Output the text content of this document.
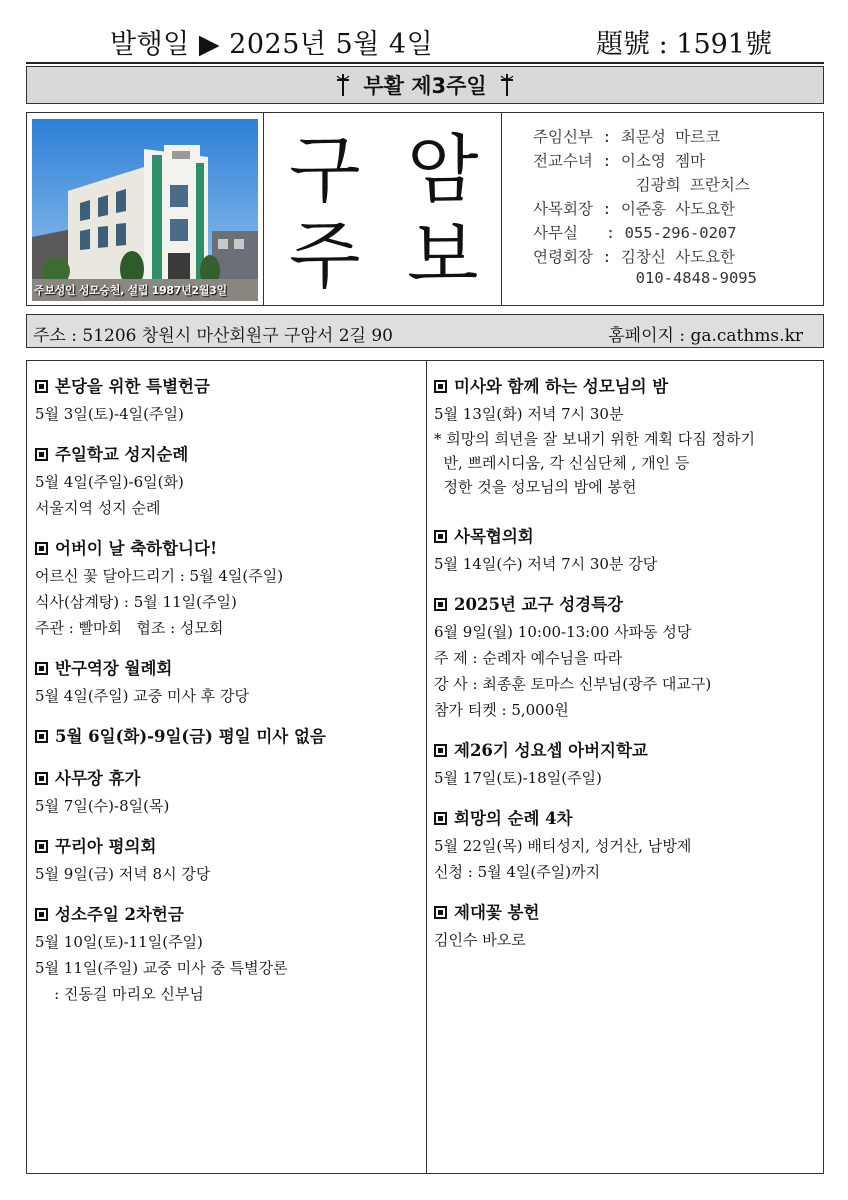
발행일 ▶ 2025년 5월 4일	題號 : 1591號
부활 제3주일
주보성인 성모승천, 설립 1987년2월3일
구 암
주 보
주임신부 : 최문성 마르코
전교수녀 : 이소영 젬마
김광희 프란치스
사목회장 : 이준홍 사도요한
사무실   : 055-296-0207
연령회장 : 김창신 사도요한
010-4848-9095
주소 : 51206 창원시 마산회원구 구암서 2길 90	홈페이지 : ga.cathms.kr
본당을 위한 특별헌금
5월 3일(토)-4일(주일)
주일학교 성지순례
5월 4일(주일)-6일(화)
서울지역 성지 순례
어버이 날 축하합니다!
어르신 꽃 달아드리기 : 5월 4일(주일)
식사(삼계탕) : 5월 11일(주일)
주관 : 빨마회   협조 : 성모회
반구역장 월례회
5월 4일(주일) 교중 미사 후 강당
5월 6일(화)-9일(금) 평일 미사 없음
사무장 휴가
5월 7일(수)-8일(목)
꾸리아 평의회
5월 9일(금) 저녁 8시 강당
성소주일 2차헌금
5월 10일(토)-11일(주일)
5월 11일(주일) 교중 미사 중 특별강론
: 진동길 마리오 신부님
미사와 함께 하는 성모님의 밤
5월 13일(화) 저녁 7시 30분
* 희망의 희년을 잘 보내기 위한 계획 다짐 정하기
반, 쁘레시디움, 각 신심단체 , 개인 등
정한 것을 성모님의 밤에 봉헌
사목협의회
5월 14일(수) 저녁 7시 30분 강당
2025년 교구 성경특강
6월 9일(월) 10:00-13:00 사파동 성당
주 제 : 순례자 예수님을 따라
강 사 : 최종훈 토마스 신부님(광주 대교구)
참가 티켓 : 5,000원
제26기 성요셉 아버지학교
5월 17일(토)-18일(주일)
희망의 순례 4차
5월 22일(목) 배티성지, 성거산, 남방제
신청 : 5월 4일(주일)까지
제대꽃 봉헌
김인수 바오로
